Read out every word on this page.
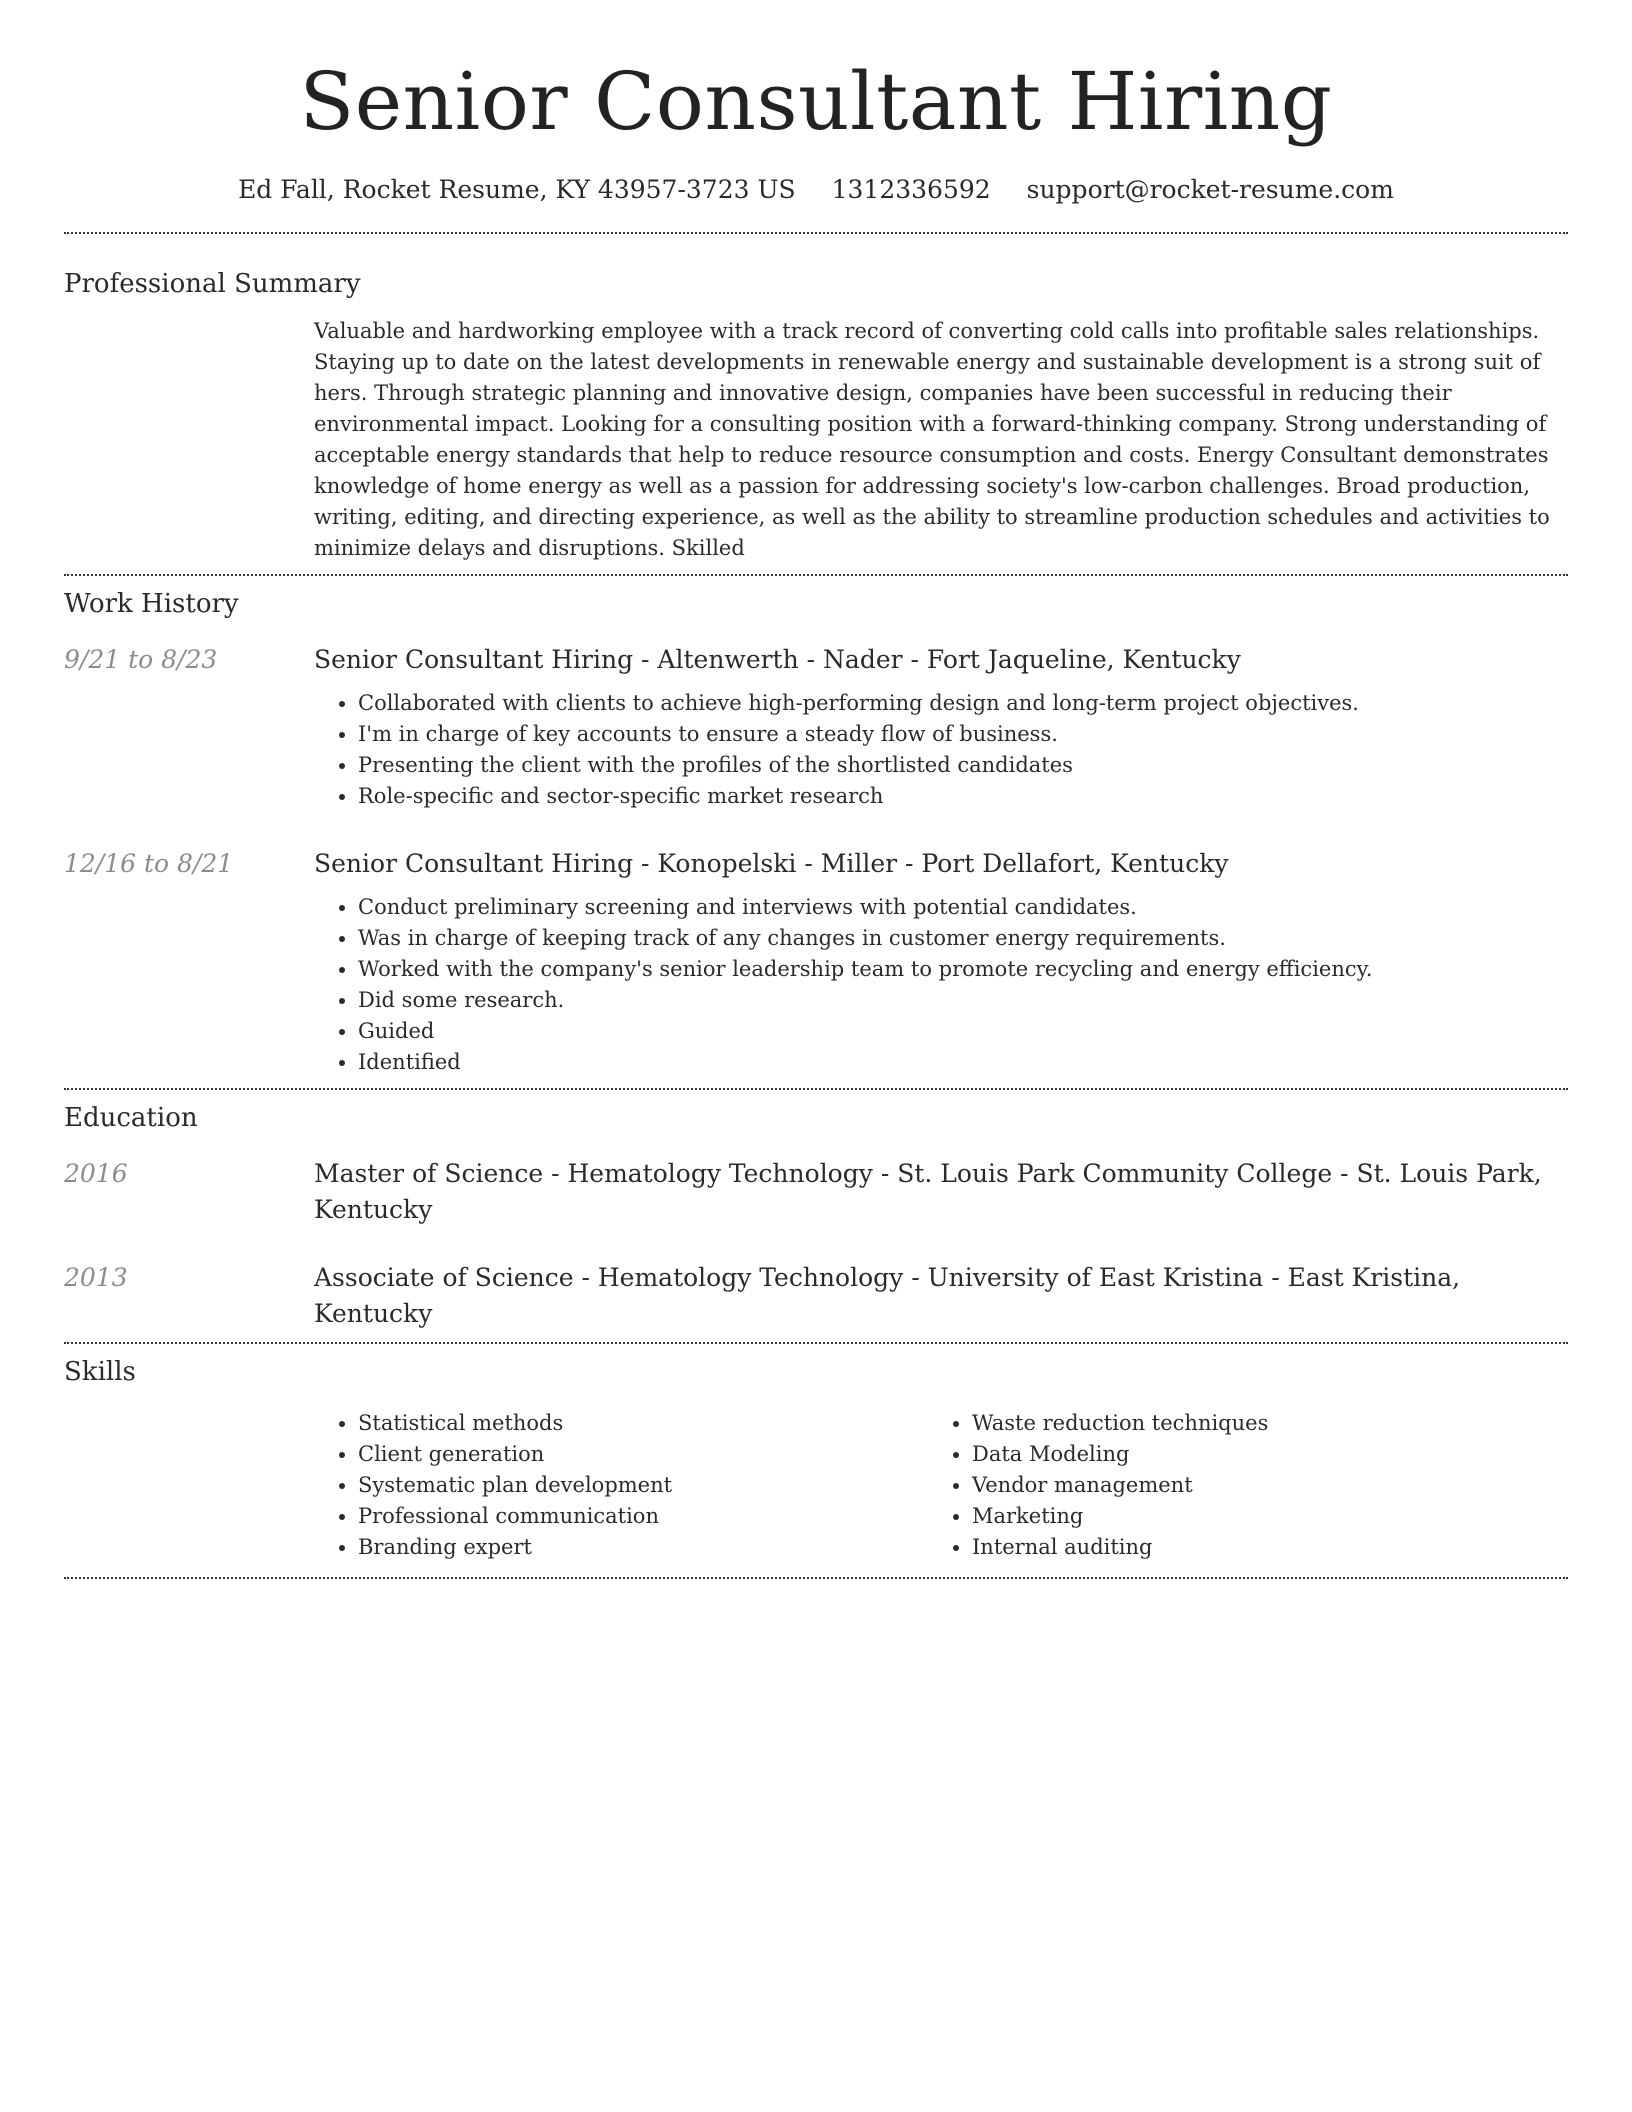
Senior Consultant Hiring
Ed Fall, Rocket Resume, KY 43957-3723 US 1312336592 support@rocket-resume.com
Professional Summary

Valuable and hardworking employee with a track record of converting cold calls into profitable sales relationships. Staying up to date on the latest developments in renewable energy and sustainable development is a strong suit of hers. Through strategic planning and innovative design, companies have been successful in reducing their environmental impact. Looking for a consulting position with a forward-thinking company. Strong understanding of acceptable energy standards that help to reduce resource consumption and costs. Energy Consultant demonstrates knowledge of home energy as well as a passion for addressing society's low-carbon challenges. Broad production, writing, editing, and directing experience, as well as the ability to streamline production schedules and activities to minimize delays and disruptions. Skilled

Work History
9/21 to 8/23	Senior Consultant Hiring - Altenwerth - Nader - Fort Jaqueline, Kentucky
• Collaborated with clients to achieve high-performing design and long-term project objectives.
• I'm in charge of key accounts to ensure a steady flow of business.
• Presenting the client with the profiles of the shortlisted candidates
• Role-specific and sector-specific market research
12/16 to 8/21	Senior Consultant Hiring - Konopelski - Miller - Port Dellafort, Kentucky
• Conduct preliminary screening and interviews with potential candidates.
• Was in charge of keeping track of any changes in customer energy requirements.
• Worked with the company's senior leadership team to promote recycling and energy efficiency.
• Did some research.
• Guided
• Identified
Education
2016	Master of Science - Hematology Technology - St. Louis Park Community College - St. Louis Park, Kentucky
2013	Associate of Science - Hematology Technology - University of East Kristina - East Kristina, Kentucky
Skills
• Statistical methods
• Client generation
• Systematic plan development
• Professional communication
• Branding expert
• Waste reduction techniques
• Data Modeling
• Vendor management
• Marketing
• Internal auditing
